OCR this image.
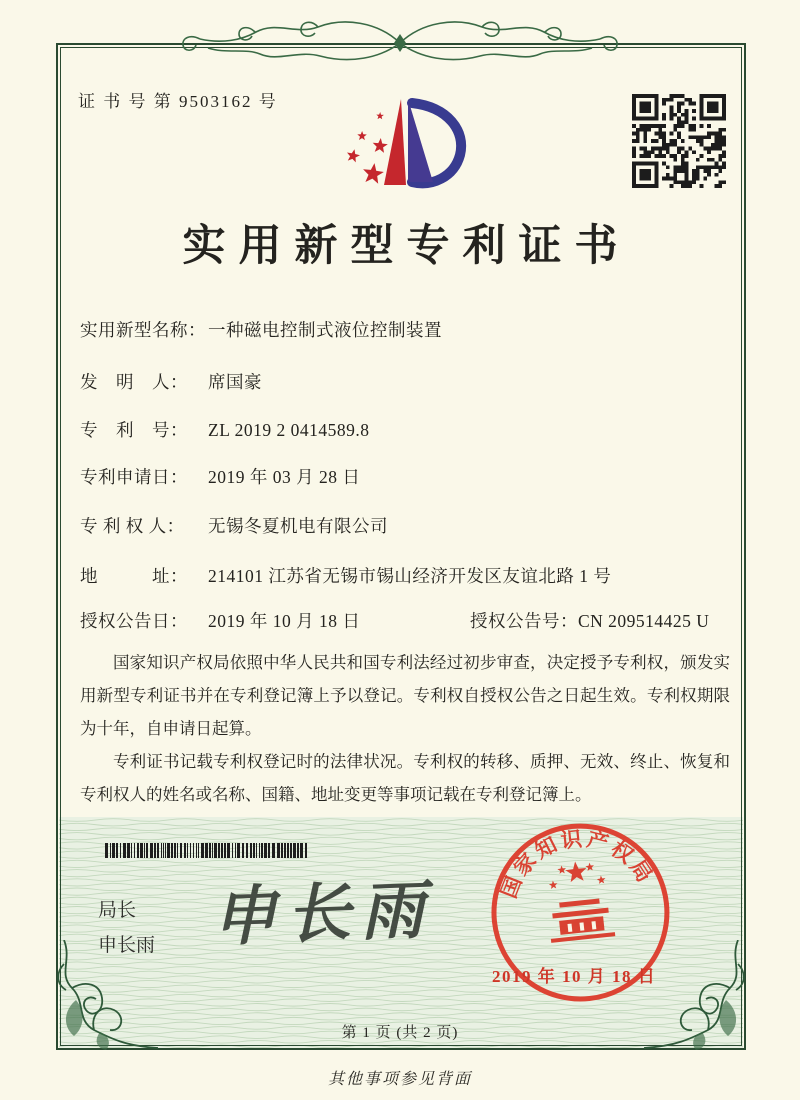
证 书 号 第 9503162 号
实用新型专利证书
实用新型名称： 一种磁电控制式液位控制装置
发　明　人： 席国豪
专　利　号： ZL 2019 2 0414589.8
专利申请日： 2019 年 03 月 28 日
专 利 权 人： 无锡冬夏机电有限公司
地　　　址： 214101 江苏省无锡市锡山经济开发区友谊北路 1 号
授权公告日： 2019 年 10 月 18 日	授权公告号：CN 209514425 U

国家知识产权局依照中华人民共和国专利法经过初步审查，决定授予专利权，颁发实用新型专利证书并在专利登记簿上予以登记。专利权自授权公告之日起生效。专利权期限为十年，自申请日起算。

专利证书记载专利权登记时的法律状况。专利权的转移、质押、无效、终止、恢复和专利权人的姓名或名称、国籍、地址变更等事项记载在专利登记簿上。

局长
申长雨 申长雨	国家知识产权局
2019 年 10 月 18 日
第 1 页 (共 2 页)
其他事项参见背面
